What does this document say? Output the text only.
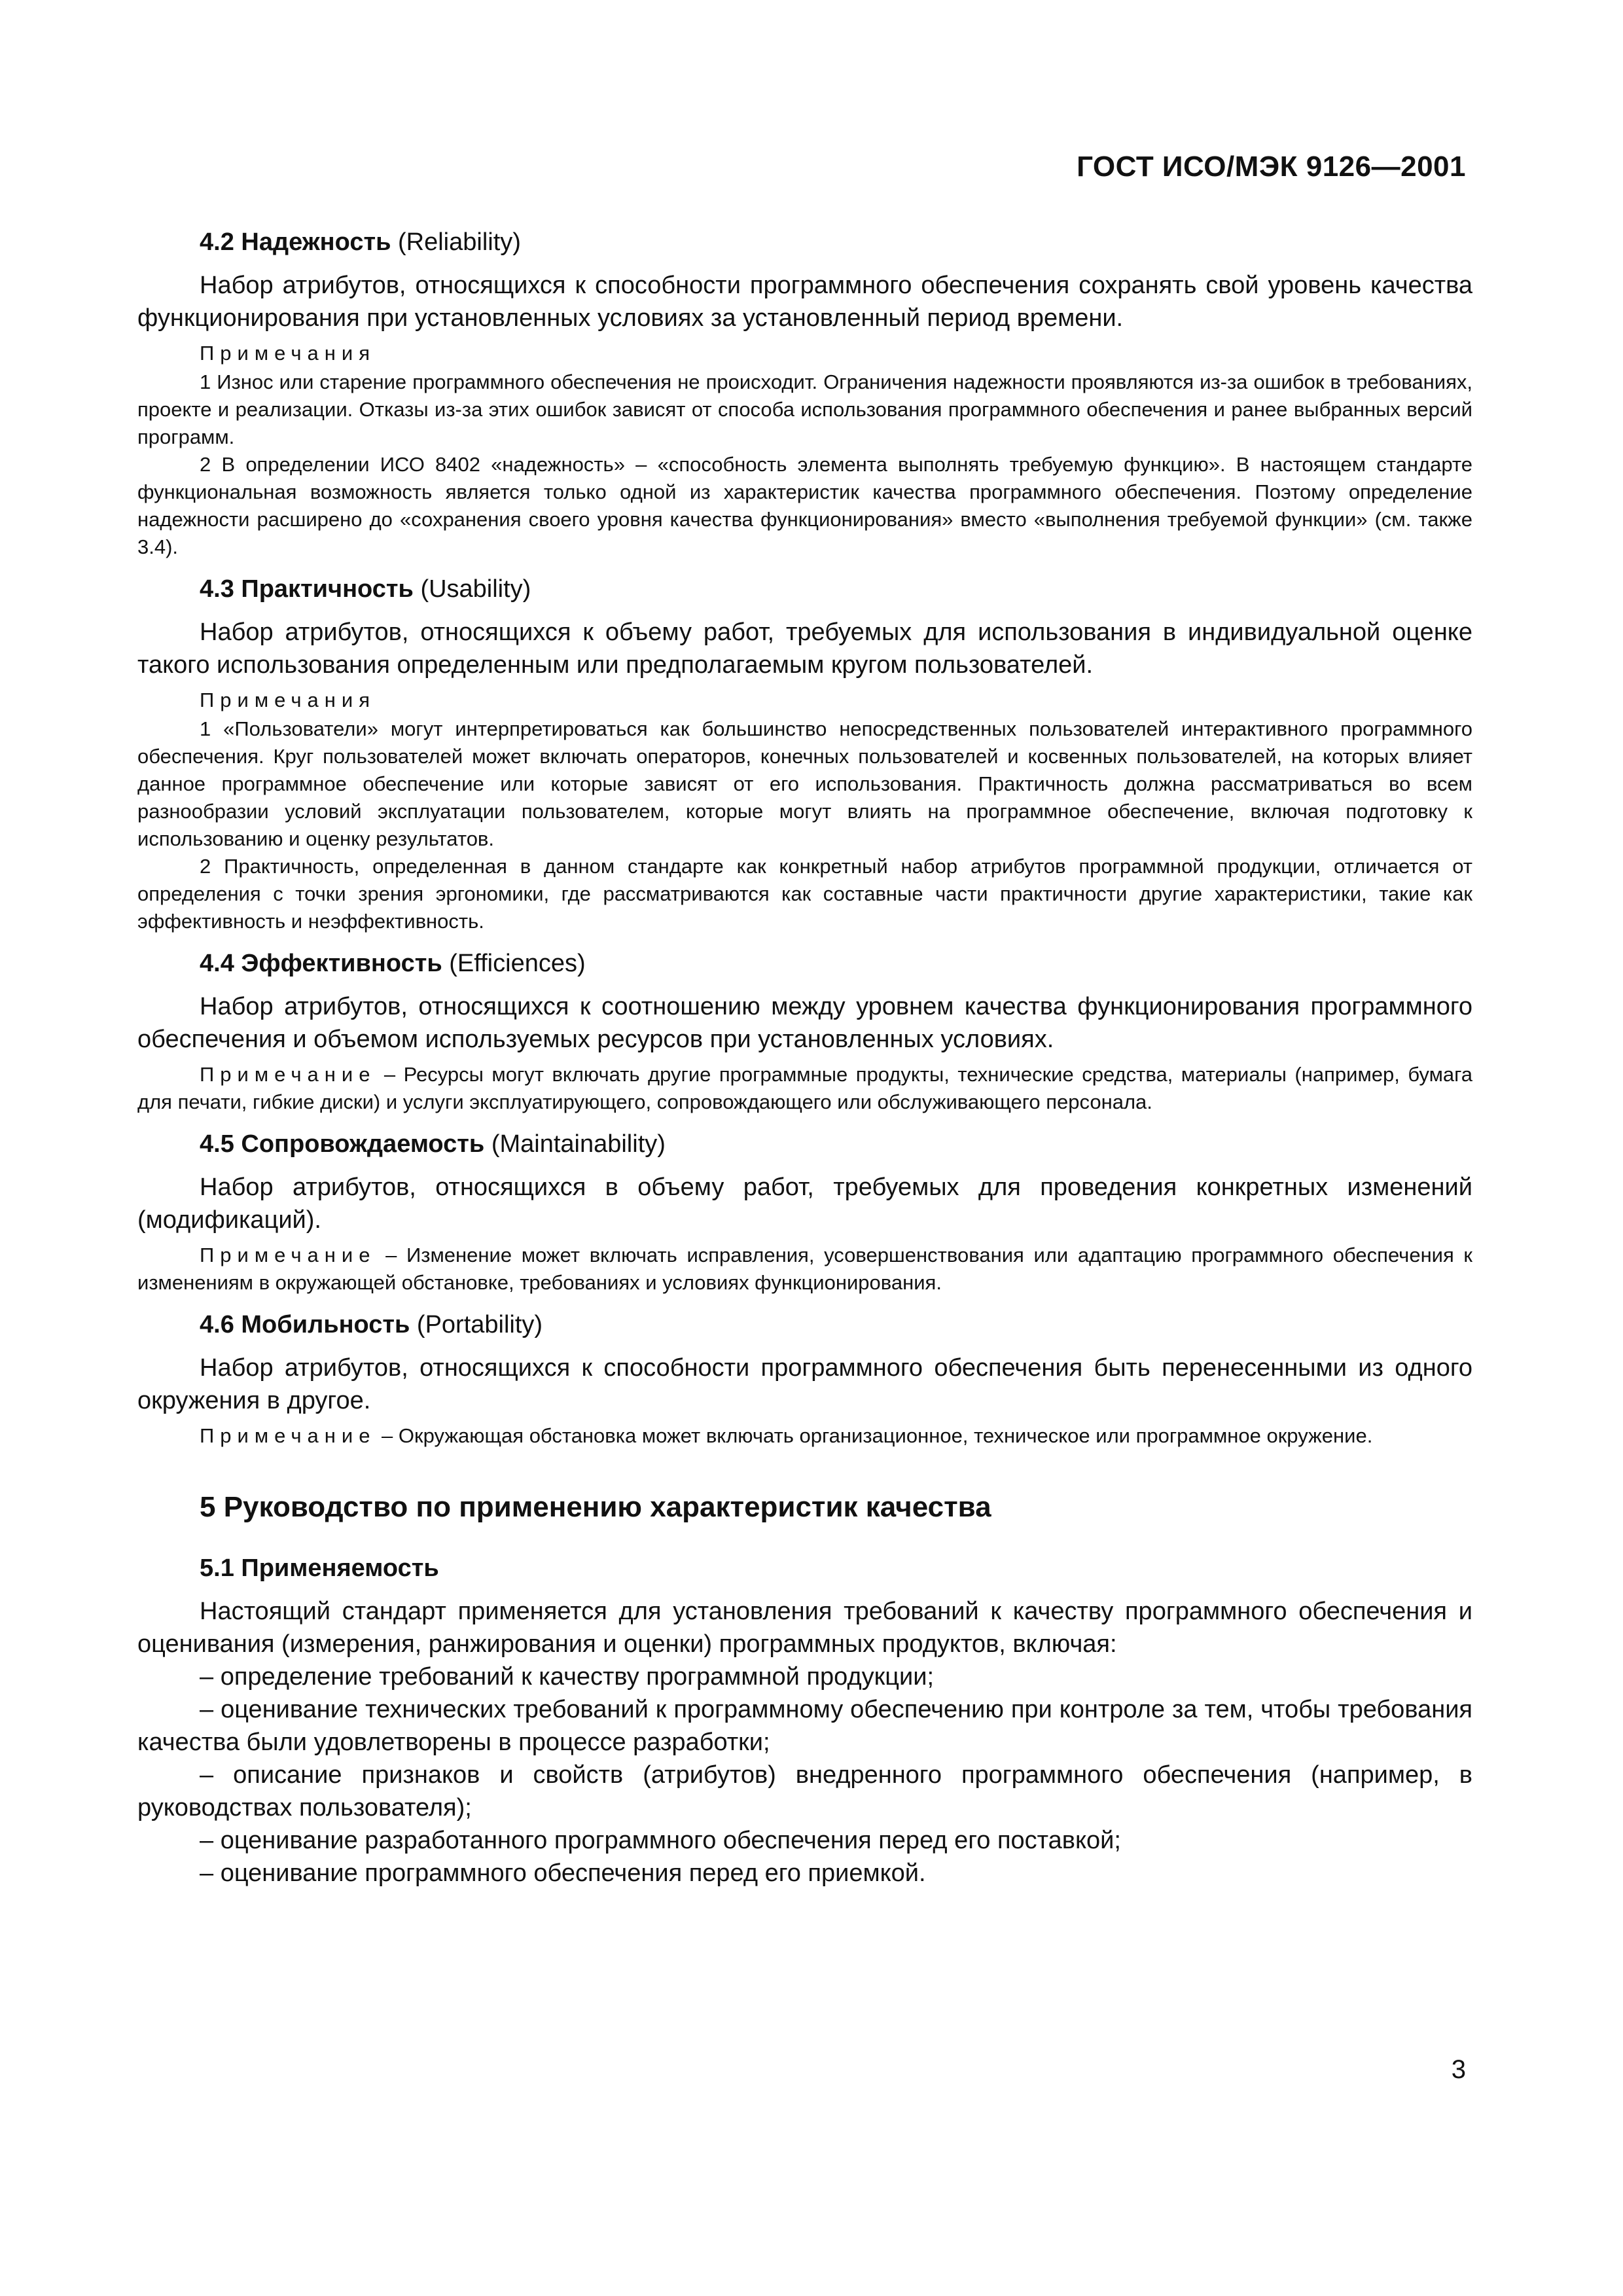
ГОСТ ИСО/МЭК 9126—2001
4.2 Надежность (Reliability)

Набор атрибутов, относящихся к способности программного обеспечения сохранять свой уровень качества функционирования при установленных условиях за установленный период времени.

Примечания

1 Износ или старение программного обеспечения не происходит. Ограничения надежности проявляются из-за ошибок в требованиях, проекте и реализации. Отказы из-за этих ошибок зависят от способа использования программного обеспечения и ранее выбранных версий программ.

2 В определении ИСО 8402 «надежность» – «способность элемента выполнять требуемую функцию». В настоящем стандарте функциональная возможность является только одной из характеристик качества программного обеспечения. Поэтому определение надежности расширено до «сохранения своего уровня качества функционирования» вместо «выполнения требуемой функции» (см. также 3.4).

4.3 Практичность (Usability)

Набор атрибутов, относящихся к объему работ, требуемых для использования в индивидуальной оценке такого использования определенным или предполагаемым кругом пользователей.

Примечания

1 «Пользователи» могут интерпретироваться как большинство непосредственных пользователей интерактивного программного обеспечения. Круг пользователей может включать операторов, конечных пользователей и косвенных пользователей, на которых влияет данное программное обеспечение или которые зависят от его использования. Практичность должна рассматриваться во всем разнообразии условий эксплуатации пользователем, которые могут влиять на программное обеспечение, включая подготовку к использованию и оценку результатов.

2 Практичность, определенная в данном стандарте как конкретный набор атрибутов программной продукции, отличается от определения с точки зрения эргономики, где рассматриваются как составные части практичности другие характеристики, такие как эффективность и неэффективность.

4.4 Эффективность (Efficiences)

Набор атрибутов, относящихся к соотношению между уровнем качества функционирования программного обеспечения и объемом используемых ресурсов при установленных условиях.

Примечание – Ресурсы могут включать другие программные продукты, технические средства, материалы (например, бумага для печати, гибкие диски) и услуги эксплуатирующего, сопровождающего или обслуживающего персонала.

4.5 Сопровождаемость (Maintainability)

Набор атрибутов, относящихся в объему работ, требуемых для проведения конкретных изменений (модификаций).

Примечание – Изменение может включать исправления, усовершенствования или адаптацию программного обеспечения к изменениям в окружающей обстановке, требованиях и условиях функционирования.

4.6 Мобильность (Portability)

Набор атрибутов, относящихся к способности программного обеспечения быть перенесенными из одного окружения в другое.

Примечание – Окружающая обстановка может включать организационное, техническое или программное окружение.

5 Руководство по применению характеристик качества
5.1 Применяемость

Настоящий стандарт применяется для установления требований к качеству программного обеспечения и оценивания (измерения, ранжирования и оценки) программных продуктов, включая:

– определение требований к качеству программной продукции;

– оценивание технических требований к программному обеспечению при контроле за тем, чтобы требования качества были удовлетворены в процессе разработки;

– описание признаков и свойств (атрибутов) внедренного программного обеспечения (например, в руководствах пользователя);

– оценивание разработанного программного обеспечения перед его поставкой;

– оценивание программного обеспечения перед его приемкой.

3
